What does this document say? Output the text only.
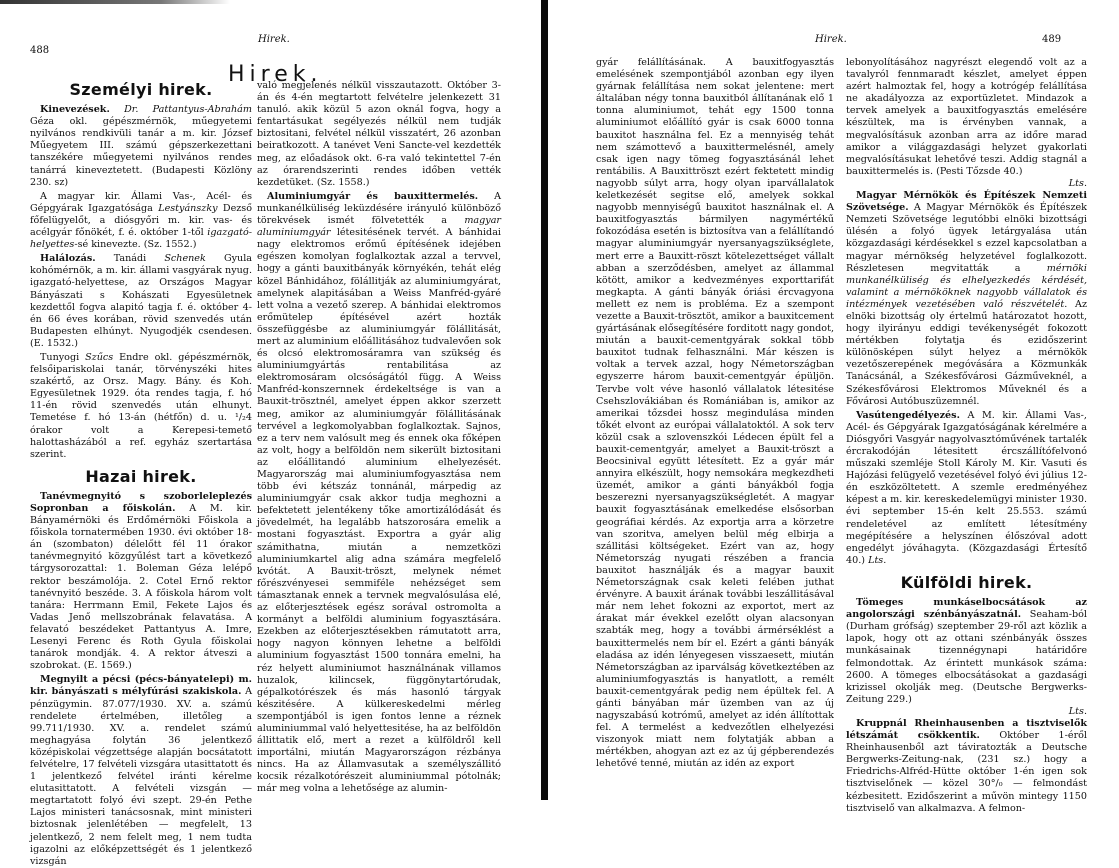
488
Hirek.
Hirek.
Személyi hirek.

Kinevezések. Dr. Pattantyus-Abrahám Géza okl. gépészmérnök, műegyetemi nyilvános rendkivüli tanár a m. kir. József Műegyetem III. számú gépszerkezettani tanszékére műegyetemi nyilvános rendes tanárrá kineveztetett. (Budapesti Közlöny 230. sz)

A magyar kir. Állami Vas-, Acél- és Gépgyárak Igazgatósága Lestyánszky Dezső főfelügyelőt, a diósgyőri m. kir. vas- és acélgyár főnökét, f. é. október 1-től igazgató-helyettes-sé kinevezte. (Sz. 1552.)

Halálozás. Tanádi Schenek Gyula kohómérnök, a m. kir. állami vasgyárak nyug. igazgató-helyettese, az Országos Magyar Bányászati s Kohászati Egyesületnek kezdettől fogva alapitó tagja f. é. október 4-én 66 éves korában, rövid szenvedés után Budapesten elhúnyt. Nyugodjék csendesen. (E. 1532.)

Tunyogi Szűcs Endre okl. gépészmérnök, felsőipariskolai tanár, törvényszéki hites szakértő, az Orsz. Magy. Bány. és Koh. Egyesületnek 1929. óta rendes tagja, f. hó 11-én rövid szenvedés után elhunyt. Temetése f. hó 13-án (hétfőn) d. u. ¹/₂4 órakor volt a Kerepesi-temető halottasházából a ref. egyház szertartása szerint.

Hazai hirek.

Tanévmegnyitó s szoborleleplezés Sopronban a főiskolán. A M. kir. Bányamérnöki és Erdőmérnöki Főiskola a főiskola tornatermében 1930. évi október 18-án (szombaton) délelőtt fél 11 órakor tanévmegnyitó közgyűlést tart a következő tárgysorozattal: 1. Boleman Géza lelépő rektor beszámolója. 2. Cotel Ernő rektor tanévnyitó beszéde. 3. A főiskola három volt tanára: Herrmann Emil, Fekete Lajos és Vadas Jenő mellszobrának felavatása. A felavató beszédeket Pattantyus A. Imre, Lesenyi Ferenc és Roth Gyula főiskolai tanárok mondják. 4. A rektor átveszi a szobrokat. (E. 1569.)

Megnyilt a pécsi (pécs-bányatelepi) m. kir. bányászati s mélyfúrási szakiskola. A pénzügymin. 87.077/1930. XV. a. számú rendelete értelmében, illetőleg a 99.711/1930. XV. a. rendelet számú meghagyása folytán 36 jelentkező középiskolai végzettsége alapján bocsátatott felvételre, 17 felvételi vizsgára utasittatott és 1 jelentkező felvétel iránti kérelme elutasittatott. A felvételi vizsgán — megtartatott folyó évi szept. 29-én Pethe Lajos ministeri tanácsosnak, mint ministeri biztosnak jelenlétében — megfelelt, 13 jelentkező, 2 nem felelt meg, 1 nem tudta igazolni az előképzettségét és 1 jelentkező vizsgán

való megjelenés nélkül visszautazott. Október 3-án és 4-én megtartott felvételre jelenkezett 31 tanuló. akik közül 5 azon oknál fogva, hogy a fentartásukat segélyezés nélkül nem tudják biztositani, felvétel nélkül visszatért, 26 azonban beiratkozott. A tanévet Veni Sancte-vel kezdették meg, az előadások okt. 6-ra való tekintettel 7-én az órarendszerinti rendes időben vették kezdetüket. (Sz. 1558.)

Aluminiumgyár és bauxittermelés. A munkanélküliség leküzdésére irányuló különböző törekvések ismét fölvetették a magyar aluminiumgyár létesitésének tervét. A bánhidai nagy elektromos erőmű építésének idejében egészen komolyan foglalkoztak azzal a tervvel, hogy a gánti bauxitbányák környékén, tehát elég közel Bánhidához, fölállitják az aluminiumgyárat, amelynek alapitásában a Weiss Manfréd-gyáré lett volna a vezető szerep. A bánhidai elektromos erőmütelep építésével azért hozták összefüggésbe az aluminiumgyár fölállitását, mert az aluminium előállitásához tudvalevően sok és olcsó elektromosáramra van szükség és aluminiumgyártás rentabilitása az elektromosáram olcsóságától függ. A Weiss Manfréd-konszernnek érdekeltsége is van a Bauxit-trösztnél, amelyet éppen akkor szerzett meg, amikor az aluminiumgyár fölállitásának tervével a legkomolyabban foglalkoztak. Sajnos, ez a terv nem valósult meg és ennek oka főképen az volt, hogy a belföldön nem sikerült biztositani az előállitandó aluminium elhelyezését. Magyarország mai aluminiumfogyasztása nem több évi kétszáz tonnánál, márpedig az aluminiumgyár csak akkor tudja meghozni a befektetett jelentékeny tőke amortizálódását és jövedelmét, ha legalább hatszorosára emelik a mostani fogyasztást. Exportra a gyár alig számithatna, miután a nemzetközi aluminiumkartel alig adna számára megfelelő kvótát. A Bauxit-tröszt, melynek német főrészvényesei semmiféle nehézséget sem támasztanak ennek a tervnek megvalósulása elé, az előterjesztések egész sorával ostromolta a kormányt a belföldi aluminium fogyasztására. Ezekben az előterjesztésekben rámutatott arra, hogy nagyon könnyen lehetne a belföldi aluminium fogyasztást 1500 tonnára emelni, ha réz helyett aluminiumot használnának villamos huzalok, kilincsek, függönytartórudak, gépalkotórészek és más hasonló tárgyak készitésére. A külkereskedelmi mérleg szempontjából is igen fontos lenne a réznek aluminiummal való helyettesitése, ha az belföldön állittatik elő, mert a rezet a külföldről kell importálni, miután Magyarországon rézbánya nincs. Ha az Államvasutak a személyszállitó kocsik rézalkotórészeit aluminiummal pótolnák; már meg volna a lehetősége az alumin-

Hirek.	489

gyár felállításának. A bauxitfogyasztás emelésének szempontjából azonban egy ilyen gyárnak felállítása nem sokat jelentene: mert általában négy tonna bauxitból állítanának elő 1 tonna aluminiumot, tehát egy 1500 tonna aluminiumot előállító gyár is csak 6000 tonna bauxitot használna fel. Ez a mennyiség tehát nem számottevő a bauxittermelésnél, amely csak igen nagy tömeg fogyasztásánál lehet rentábilis. A Bauxittröszt ezért fektetett mindig nagyobb súlyt arra, hogy olyan iparvállalatok keletkezését segitse elő, amelyek sokkal nagyobb mennyiségű bauxitot használnak el. A bauxitfogyasztás bármilyen nagymértékű fokozódása esetén is biztosítva van a felállítandó magyar aluminiumgyár nyersanyagszükséglete, mert erre a Bauxitt-röszt kötelezettséget vállalt abban a szerződésben, amelyet az állammal kötött, amikor a kedvezményes exporttarifát megkapta. A gánti bányák óriási ércvagyona mellett ez nem is probléma. Ez a szempont vezette a Bauxit-trösztöt, amikor a bauxitcement gyártásának elősegítésére forditott nagy gondot, miután a bauxit-cementgyárak sokkal több bauxitot tudnak felhasználni. Már készen is voltak a tervek azzal, hogy Németországban egyszerre három bauxit-cementgyár épüljön. Tervbe volt véve hasonló vállalatok létesitése Csehszlovákiában és Romániában is, amikor az amerikai tőzsdei hossz megindulása minden tőkét elvont az európai vállalatoktól. A sok terv közül csak a szlovenszkói Lédecen épült fel a bauxit-cementgyár, amelyet a Bauxit-tröszt a Beocsinival együtt létesített. Ez a gyár már annyira elkészült, hogy nemsokára megkezdheti üzemét, amikor a gánti bányákból fogja beszerezni nyersanyagszükségletét. A magyar bauxit fogyasztásának emelkedése elsősorban geográfiai kérdés. Az exportja arra a körzetre van szoritva, amelyen belül még elbirja a szállitási költségeket. Ezért van az, hogy Németország nyugati részében a francia bauxitot használják és a magyar bauxit Németországnak csak keleti felében juthat érvényre. A bauxit árának további leszállitásával már nem lehet fokozni az exportot, mert az árakat már évekkel ezelőtt olyan alacsonyan szabták meg, hogy a további ármérséklést a bauxittermelés nem bír el. Ezért a gánti bányák eladása az idén lényegesen visszaesett, miután Németországban az iparválság következtében az aluminiumfogyasztás is hanyatlott, a remélt bauxit-cementgyárak pedig nem épültek fel. A gánti bányában már üzemben van az új nagyszabású kotrómű, amelyet az idén állítottak fel. A termelést a kedvezőtlen elhelyezési viszonyok miatt nem folytatják abban a mértékben, ahogyan azt ez az új gépberendezés lehetővé tenné, miután az idén az export

lebonyolításához nagyrészt elegendő volt az a tavalyról fennmaradt készlet, amelyet éppen azért halmoztak fel, hogy a kotrógép felállítása ne akadályozza az exportüzletet. Mindazok a tervek amelyek a bauxitfogyasztás emelésére készültek, ma is érvényben vannak, a megvalósításuk azonban arra az időre marad amikor a világgazdasági helyzet gyakorlati megvalósításukat lehetővé teszi. Addig stagnál a bauxittermelés is. (Pesti Tőzsde 40.)

Lts.

Magyar Mérnökök és Építészek Nemzeti Szövetsége. A Magyar Mérnökök és Építészek Nemzeti Szövetsége legutóbbi elnöki bizottsági ülésén a folyó ügyek letárgyalása után közgazdasági kérdésekkel s ezzel kapcsolatban a magyar mérnökség helyzetével foglalkozott. Részletesen megvitatták a	mérnöki munkanélküliség és elhelyezkedés kérdését, valamint a mérnököknek nagyobb vállalatok és intézmények vezetésében való részvételét. Az elnöki bizottság oly értelmű határozatot hozott, hogy ilyirányu eddigi tevékenységét fokozott mértékben folytatja és ezidőszerint különösképen súlyt helyez a mérnökök vezetőszerepének megóvására a Közmunkák Tanácsánál, a Székesfővárosi Gázműveknél, a Székesfővárosi Elektromos Műveknél és a Fővárosi Autóbuszüzemnél.

Vasútengedélyezés. A M. kir. Állami Vas-, Acél- és Gépgyárak Igazgatóságának kérelmére a Diósgyőri Vasgyár nagyolvasztóművének tartalék ércrakodóján létesitett ércszállítófelvonó műszaki szemléje Stoll Károly M. Kir. Vasuti és Hajózási felügyelő vezetésével folyó évi július 12-én eszközöltetett. A szemle eredményéhez képest a m. kir. kereskedelemügyi minister 1930. évi september 15-én kelt 25.553. számú rendeletével az említett létesítmény megépítésére a helyszínen élőszóval adott engedélyt jóváhagyta. (Közgazdasági Értesítő 40.) Lts.

Külföldi hirek.

Tömeges munkáselbocsátások az angolországi szénbányászatnál. Seaham-ból (Durham grófság) szeptember 29-ről azt közlik a lapok, hogy ott az ottani szénbányák összes munkásainak tizennégynapi határidőre felmondottak. Az érintett munkások száma: 2600. A tömeges elbocsátásokat a gazdasági krizissel okolják meg. (Deutsche Bergwerks-Zeitung 229.)

Lts.

Kruppnál Rheinhausenben a tisztviselők létszámát csökkentik. Október 1-éről Rheinhausenből azt táviratozták a Deutsche Bergwerks-Zeitung-nak, (231 sz.) hogy a Friedrichs-Alfréd-Hütte október 1-én igen sok tisztviselőnek — közel 30°/₀ — felmondást kézbesitett. Ezidőszerint a művön mintegy 1150 tisztviselő van alkalmazva. A felmon-
